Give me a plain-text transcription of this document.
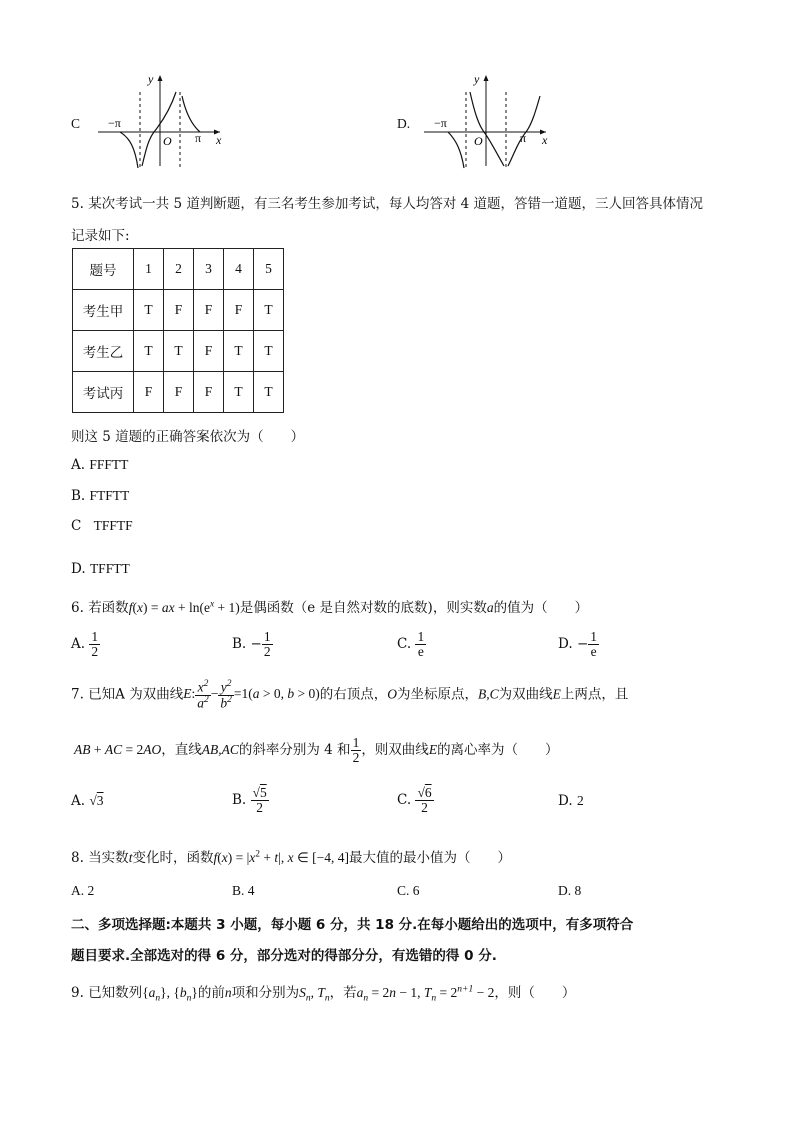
C
y
x
O
−π
π
D.
y
x
O
−π
π
5. 某次考试一共 5 道判断题，有三名考生参加考试，每人均答对 4 道题，答错一道题，三人回答具体情况
记录如下:
题号	1	2	3	4	5
考生甲	T	F	F	F	T
考生乙	T	T	F	T	T
考试丙	F	F	F	T	T
则这 5 道题的正确答案依次为（　　）
A. FFFTT
B. FTFTT
C TFFTF
D. TFFTT
6. 若函数f(x) = ax + $\ln(e^x + 1)$是偶函数（e 是自然对数的底数)，则实数a的值为（　　）
A. $\frac{1}{2}$	B. − $\frac{1}{2}$	C. $\frac{1}{e}$	D. − $\frac{1}{e}$
7. 已知A 为双曲线E: $\frac{x^2}{a^2} - \frac{y^2}{b^2} =1(a > 0$, b > 0)的右顶点，O为坐标原点，B,C为双曲线E上两点，且
AB + AC = 2AO，直线AB,AC的斜率分别为 4 和 $\frac{1}{2}$ ，则双曲线E的离心率为（　　）
A. √3	B. $\frac{√5}{2}$	C. $\frac{√6}{2}$	D. 2
8. 当实数t变化时，函数$f(x) = |x^2 + t|$, x ∈ [−4, 4]最大值的最小值为（　　）
A. 2	B. 4	C. 6	D. 8
二、多项选择题:本题共 3 小题，每小题 6 分，共 18 分.在每小题给出的选项中，有多项符合
题目要求.全部选对的得 6 分，部分选对的得部分分，有选错的得 0 分.
9. 已知数列$\{a_n\}$, $\{b_n\}$的前n项和分别为$S_n$, $T_n$，若$a_n = 2n - 1$, $T_n = 2^{n+1} - 2$，则（　　）
